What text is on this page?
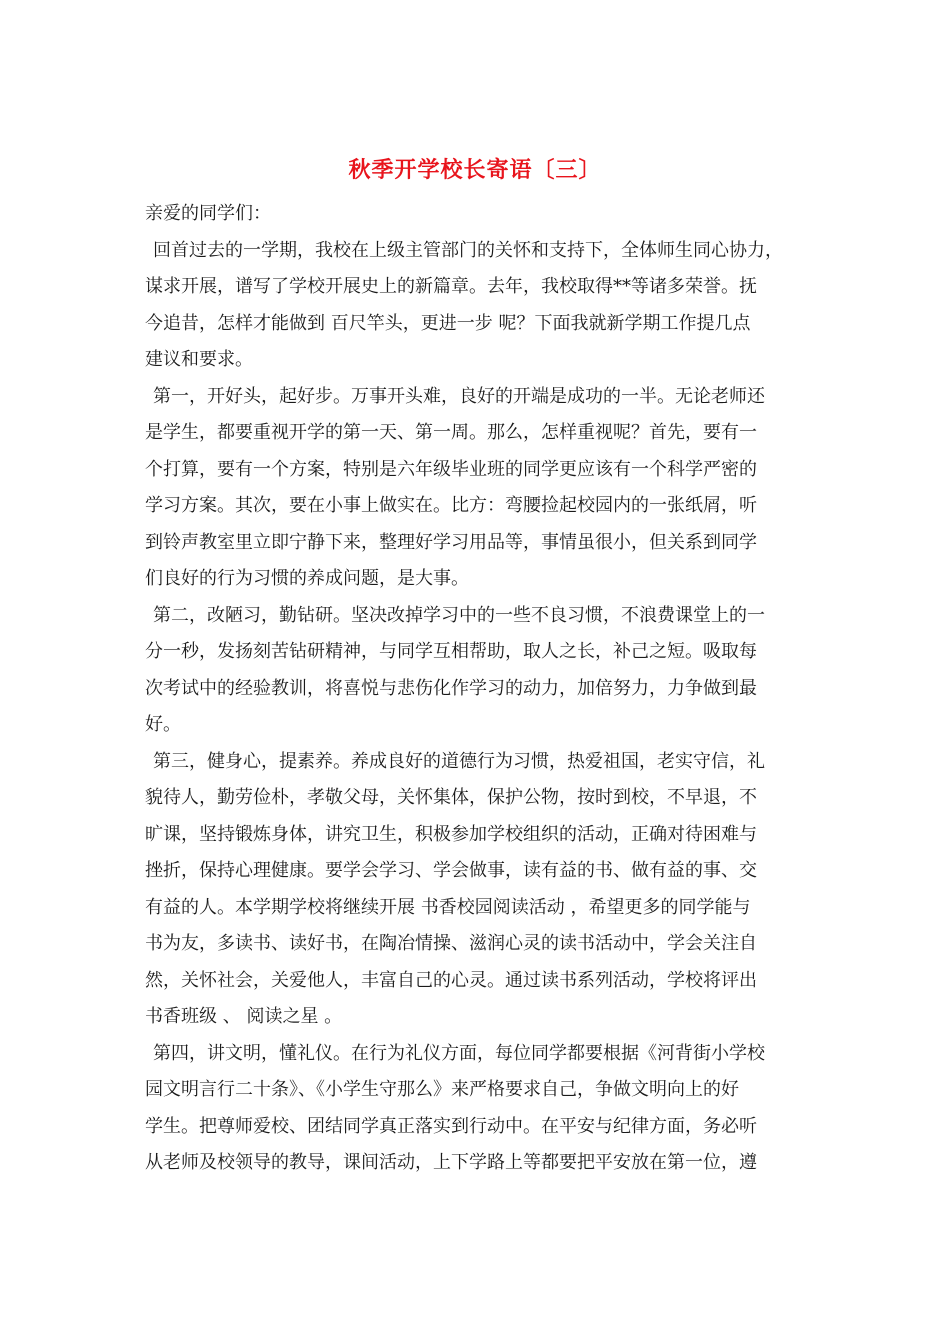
秋季开学校长寄语〔三〕
亲爱的同学们：
回首过去的一学期，我校在上级主管部门的关怀和支持下，全体师生同心协力，
谋求开展，谱写了学校开展史上的新篇章。去年，我校取得**等诸多荣誉。抚
今追昔，怎样才能做到 百尺竿头，更进一步 呢？下面我就新学期工作提几点
建议和要求。
第一，开好头，起好步。万事开头难，良好的开端是成功的一半。无论老师还
是学生，都要重视开学的第一天、第一周。那么，怎样重视呢？首先，要有一
个打算，要有一个方案，特别是六年级毕业班的同学更应该有一个科学严密的
学习方案。其次，要在小事上做实在。比方：弯腰捡起校园内的一张纸屑，听
到铃声教室里立即宁静下来，整理好学习用品等，事情虽很小，但关系到同学
们良好的行为习惯的养成问题，是大事。
第二，改陋习，勤钻研。坚决改掉学习中的一些不良习惯，不浪费课堂上的一
分一秒，发扬刻苦钻研精神，与同学互相帮助，取人之长，补己之短。吸取每
次考试中的经验教训，将喜悦与悲伤化作学习的动力，加倍努力，力争做到最
好。
第三，健身心，提素养。养成良好的道德行为习惯，热爱祖国，老实守信，礼
貌待人，勤劳俭朴，孝敬父母，关怀集体，保护公物，按时到校，不早退，不
旷课，坚持锻炼身体，讲究卫生，积极参加学校组织的活动，正确对待困难与
挫折，保持心理健康。要学会学习、学会做事，读有益的书、做有益的事、交
有益的人。本学期学校将继续开展 书香校园阅读活动 ，希望更多的同学能与
书为友，多读书、读好书，在陶冶情操、滋润心灵的读书活动中，学会关注自
然，关怀社会，关爱他人，丰富自己的心灵。通过读书系列活动，学校将评出
书香班级 、 阅读之星 。
第四，讲文明，懂礼仪。在行为礼仪方面，每位同学都要根据《河背街小学校
园文明言行二十条》、《小学生守那么》来严格要求自己，争做文明向上的好
学生。把尊师爱校、团结同学真正落实到行动中。在平安与纪律方面，务必听
从老师及校领导的教导，课间活动，上下学路上等都要把平安放在第一位，遵
